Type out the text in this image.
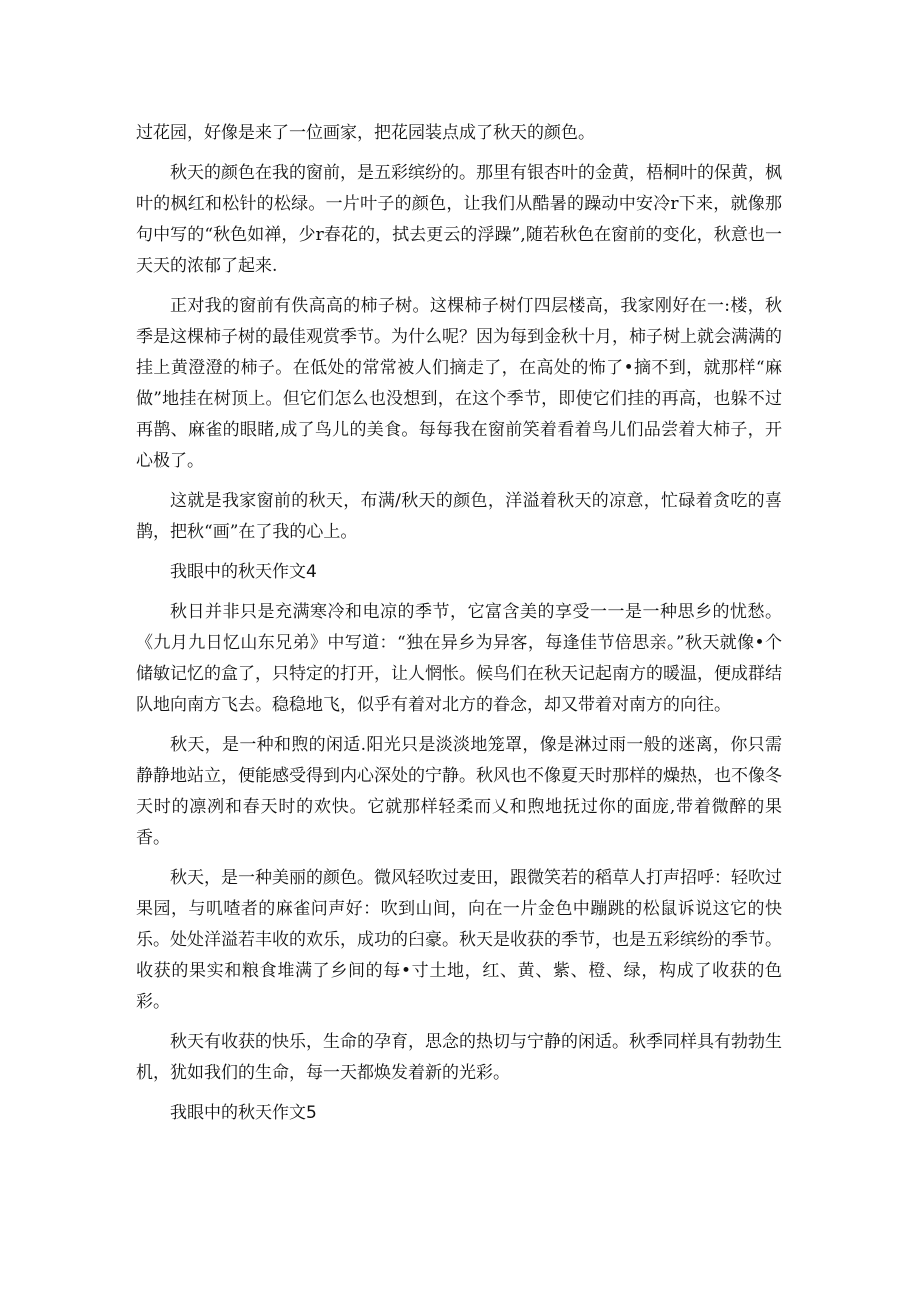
过花园，好像是来了一位画家，把花园装点成了秋天的颜色。

秋天的颜色在我的窗前，是五彩缤纷的。那里有银杏叶的金黄，梧桐叶的保黄，枫叶的枫红和松针的松绿。一片叶子的颜色，让我们从酷暑的躁动中安冷r下来，就像那句中写的“秋色如禅，少r春花的，拭去更云的浮躁”,随若秋色在窗前的变化，秋意也一天天的浓郁了起来.

正对我的窗前有佚高高的柿子树。这棵柿子树仃四层楼高，我家刚好在一:楼，秋季是这棵柿子树的最佳观赏季节。为什么呢？因为每到金秋十月，柿子树上就会满满的挂上黄澄澄的柿子。在低处的常常被人们摘走了，在高处的怖了•摘不到，就那样“麻做”地挂在树顶上。但它们怎么也没想到，在这个季节，即使它们挂的再高，也躲不过再鹊、麻雀的眼睹,成了鸟儿的美食。每每我在窗前笑着看着鸟儿们品尝着大柿子，开心极了。

这就是我家窗前的秋天，布满/秋天的颜色，洋溢着秋天的凉意，忙碌着贪吃的喜鹊，把秋“画”在了我的心上。

我眼中的秋天作文4

秋日并非只是充满寒冷和电凉的季节，它富含美的享受一一是一种思乡的忧愁。《九月九日忆山东兄弟》中写道：“独在异乡为异客，每逢佳节倍思亲。”秋天就像•个储敏记忆的盒了，只特定的打开，让人惘怅。候鸟们在秋天记起南方的暖温，便成群结队地向南方飞去。稳稳地飞，似乎有着对北方的眷念，却又带着对南方的向往。

秋天，是一种和煦的闲适.阳光只是淡淡地笼罩，像是淋过雨一般的迷离，你只需静静地站立，便能感受得到内心深处的宁静。秋风也不像夏天时那样的燥热，也不像冬天时的凛冽和春天时的欢快。它就那样轻柔而乂和煦地抚过你的面庞,带着微醉的果香。

秋天，是一种美丽的颜色。微风轻吹过麦田，跟微笑若的稻草人打声招呼：轻吹过果园，与叽喳者的麻雀问声好：吹到山间，向在一片金色中蹦跳的松鼠诉说这它的快乐。处处洋溢若丰收的欢乐，成功的臼豪。秋天是收获的季节，也是五彩缤纷的季节。收获的果实和粮食堆满了乡间的每•寸土地，红、黄、紫、橙、绿，构成了收获的色彩。

秋天有收获的快乐，生命的孕育，思念的热切与宁静的闲适。秋季同样具有勃勃生机，犹如我们的生命，每一天都焕发着新的光彩。

我眼中的秋天作文5
